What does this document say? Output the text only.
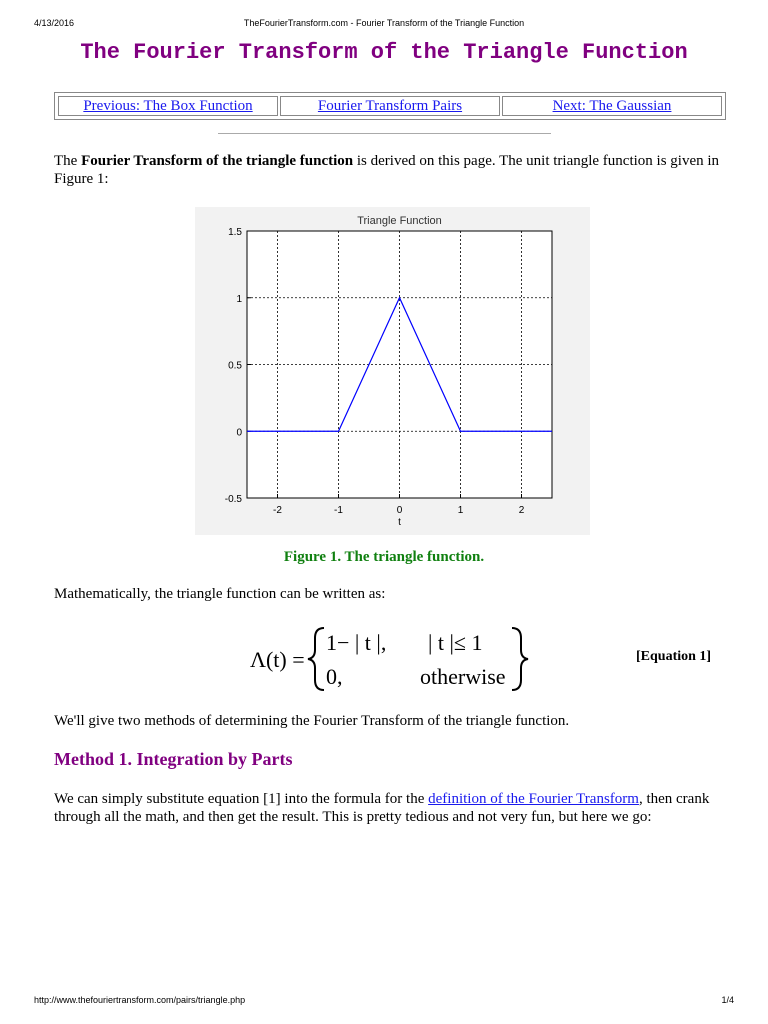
4/13/2016	TheFourierTransform.com - Fourier Transform of the Triangle Function
The Fourier Transform of the Triangle Function
Previous: The Box Function	Fourier Transform Pairs	Next: The Gaussian
The Fourier Transform of the triangle function is derived on this page. The unit triangle function is given in Figure 1:
-2	-1	0	1	2
-0.5
0
0.5
1
1.5
Triangle Function
t
Figure 1. The triangle function.
Mathematically, the triangle function can be written as:
Λ(t) =
1− | t |, | t |≤ 1
0,	otherwise
[Equation 1]
We'll give two methods of determining the Fourier Transform of the triangle function.
Method 1. Integration by Parts
We can simply substitute equation [1] into the formula for the definition of the Fourier Transform, then crank through all the math, and then get the result. This is pretty tedious and not very fun, but here we go:
http://www.thefouriertransform.com/pairs/triangle.php	1/4
